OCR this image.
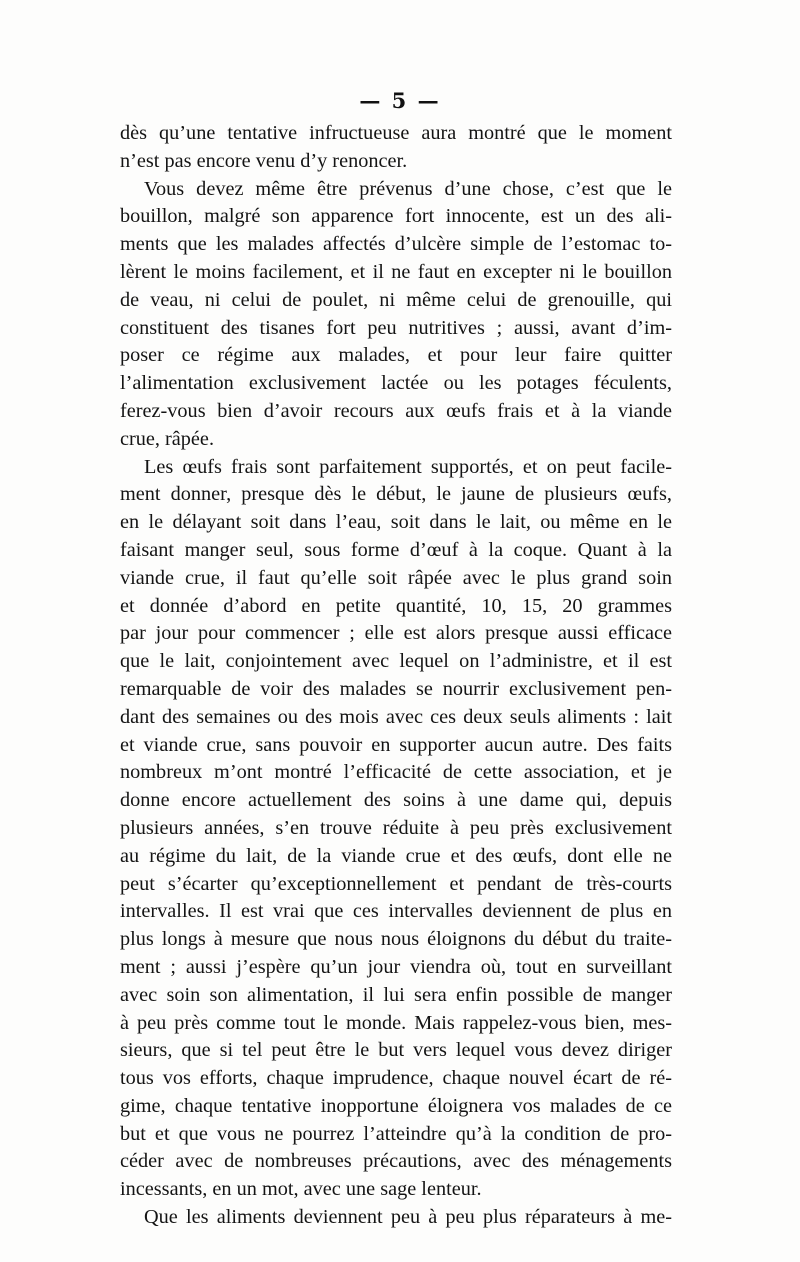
— 5 —
dès qu’une tentative infructueuse aura montré que le moment
n’est pas encore venu d’y renoncer.
Vous devez même être prévenus d’une chose, c’est que le
bouillon, malgré son apparence fort innocente, est un des ali-
ments que les malades affectés d’ulcère simple de l’estomac to-
lèrent le moins facilement, et il ne faut en excepter ni le bouillon
de veau, ni celui de poulet, ni même celui de grenouille, qui
constituent des tisanes fort peu nutritives ; aussi, avant d’im-
poser ce régime aux malades, et pour leur faire quitter
l’alimentation exclusivement lactée ou les potages féculents,
ferez-vous bien d’avoir recours aux œufs frais et à la viande
crue, râpée.
Les œufs frais sont parfaitement supportés, et on peut facile-
ment donner, presque dès le début, le jaune de plusieurs œufs,
en le délayant soit dans l’eau, soit dans le lait, ou même en le
faisant manger seul, sous forme d’œuf à la coque. Quant à la
viande crue, il faut qu’elle soit râpée avec le plus grand soin
et donnée d’abord en petite quantité, 10, 15, 20 grammes
par jour pour commencer ; elle est alors presque aussi efficace
que le lait, conjointement avec lequel on l’administre, et il est
remarquable de voir des malades se nourrir exclusivement pen-
dant des semaines ou des mois avec ces deux seuls aliments : lait
et viande crue, sans pouvoir en supporter aucun autre. Des faits
nombreux m’ont montré l’efficacité de cette association, et je
donne encore actuellement des soins à une dame qui, depuis
plusieurs années, s’en trouve réduite à peu près exclusivement
au régime du lait, de la viande crue et des œufs, dont elle ne
peut s’écarter qu’exceptionnellement et pendant de très-courts
intervalles. Il est vrai que ces intervalles deviennent de plus en
plus longs à mesure que nous nous éloignons du début du traite-
ment ; aussi j’espère qu’un jour viendra où, tout en surveillant
avec soin son alimentation, il lui sera enfin possible de manger
à peu près comme tout le monde. Mais rappelez-vous bien, mes-
sieurs, que si tel peut être le but vers lequel vous devez diriger
tous vos efforts, chaque imprudence, chaque nouvel écart de ré-
gime, chaque tentative inopportune éloignera vos malades de ce
but et que vous ne pourrez l’atteindre qu’à la condition de pro-
céder avec de nombreuses précautions, avec des ménagements
incessants, en un mot, avec une sage lenteur.
Que les aliments deviennent peu à peu plus réparateurs à me-
